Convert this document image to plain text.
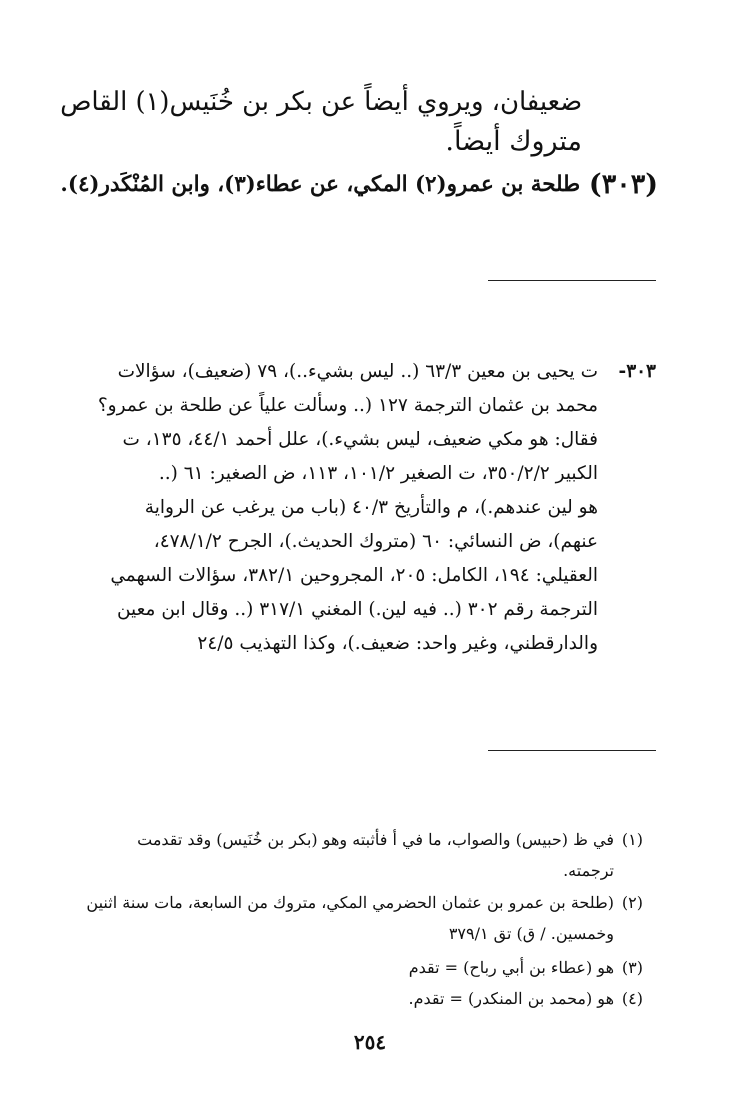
ضعيفان، ويروي أيضاً عن بكر بن خُنَيس(١) القاص
متروك أيضاً.
(٣٠٣)
طلحة بن عمرو(٢) المكي، عن عطاء(٣)، وابن المُنْكَدر(٤).
٣٠٣-
ت يحيى بن معين ٦٣/٣ (.. ليس بشيء..)، ٧٩ (ضعيف)، سؤالات
محمد بن عثمان الترجمة ١٢٧ (.. وسألت علياً عن طلحة بن عمرو؟
فقال: هو مكي ضعيف، ليس بشيء.)، علل أحمد ٤٤/١، ١٣٥، ت
الكبير ٣٥٠/٢/٢، ت الصغير ١٠١/٢، ١١٣، ض الصغير: ٦١ (..
هو لين عندهم.)، م والتأريخ ٤٠/٣ (باب من يرغب عن الرواية
عنهم)، ض النسائي: ٦٠ (متروك الحديث.)، الجرح ٤٧٨/١/٢،
العقيلي: ١٩٤، الكامل: ٢٠٥، المجروحين ٣٨٢/١، سؤالات السهمي
الترجمة رقم ٣٠٢ (.. فيه لين.) المغني ٣١٧/١ (.. وقال ابن معين
والدارقطني، وغير واحد: ضعيف.)، وكذا التهذيب ٢٤/٥
(١)
في ظ (حبيس) والصواب، ما في أ فأثبته وهو (بكر بن خُنَيس) وقد تقدمت
ترجمته.
(٢)
(طلحة بن عمرو بن عثمان الحضرمي المكي، متروك من السابعة، مات سنة اثنين
وخمسين. / ق) تق ٣٧٩/١
(٣)
هو (عطاء بن أبي رباح) = تقدم
(٤)
هو (محمد بن المنكدر) = تقدم.
٢٥٤
